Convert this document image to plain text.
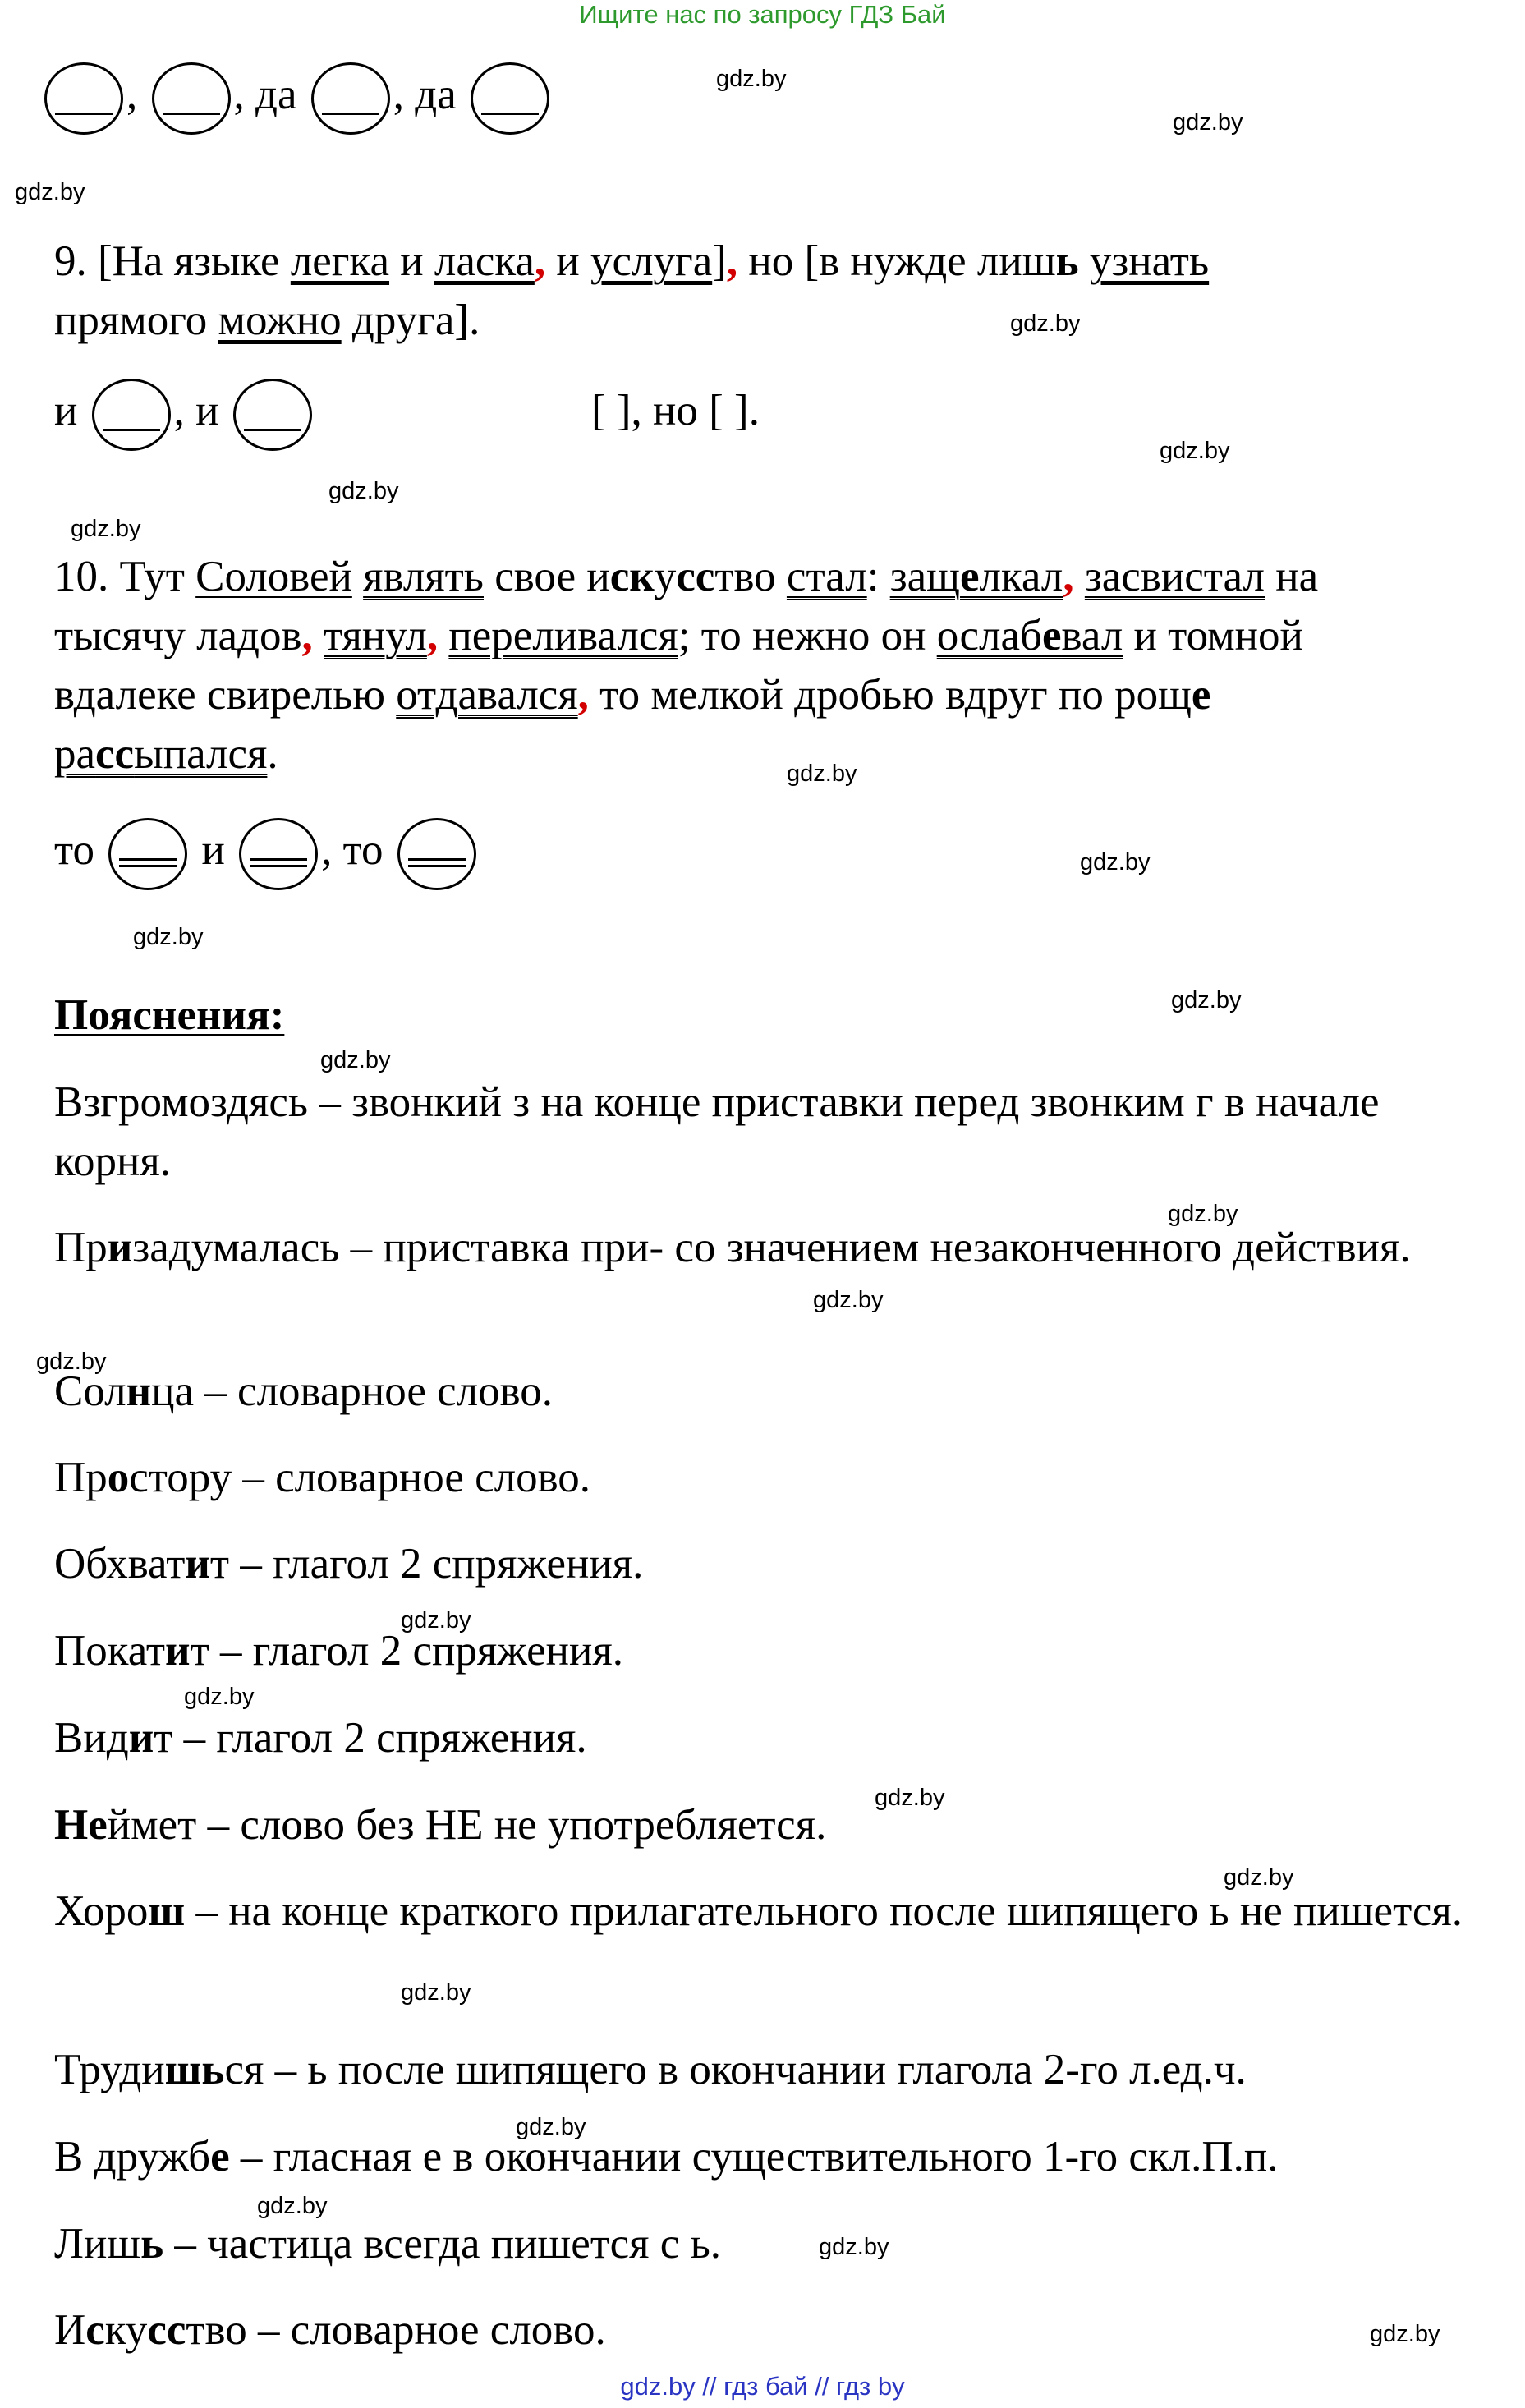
Ищите нас по запросу ГДЗ Бай
, , да , да
9. [На языке легка и ласка, и услуга], но [в нужде лишь узнать
прямого можно друга].
и , и	[ ], но [ ].
10. Тут Соловей являть свое искусство стал: защелкал, засвистал на
тысячу ладов, тянул, переливался; то нежно он ослабевал и томной
вдалеке свирелью отдавался, то мелкой дробью вдруг по роще
рассыпался.
то и , то
Пояснения:
Взгромоздясь – звонкий з на конце приставки перед звонким г в начале корня.
Призадумалась – приставка при- со значением незаконченного действия.
Солнца – словарное слово.
Простору – словарное слово.
Обхватит – глагол 2 спряжения.
Покатит – глагол 2 спряжения.
Видит – глагол 2 спряжения.
Неймет – слово без НЕ не употребляется.
Хорош – на конце краткого прилагательного после шипящего ь не пишется.
Трудишься – ь после шипящего в окончании глагола 2-го л.ед.ч.
В дружбе – гласная е в окончании существительного 1-го скл.П.п.
Лишь – частица всегда пишется с ь.
Искусство – словарное слово.
gdz.by
gdz.by
gdz.by
gdz.by
gdz.by
gdz.by
gdz.by
gdz.by
gdz.by
gdz.by
gdz.by
gdz.by
gdz.by
gdz.by
gdz.by
gdz.by
gdz.by
gdz.by
gdz.by
gdz.by
gdz.by
gdz.by
gdz.by
gdz.by
gdz.by // гдз бай // гдз by
